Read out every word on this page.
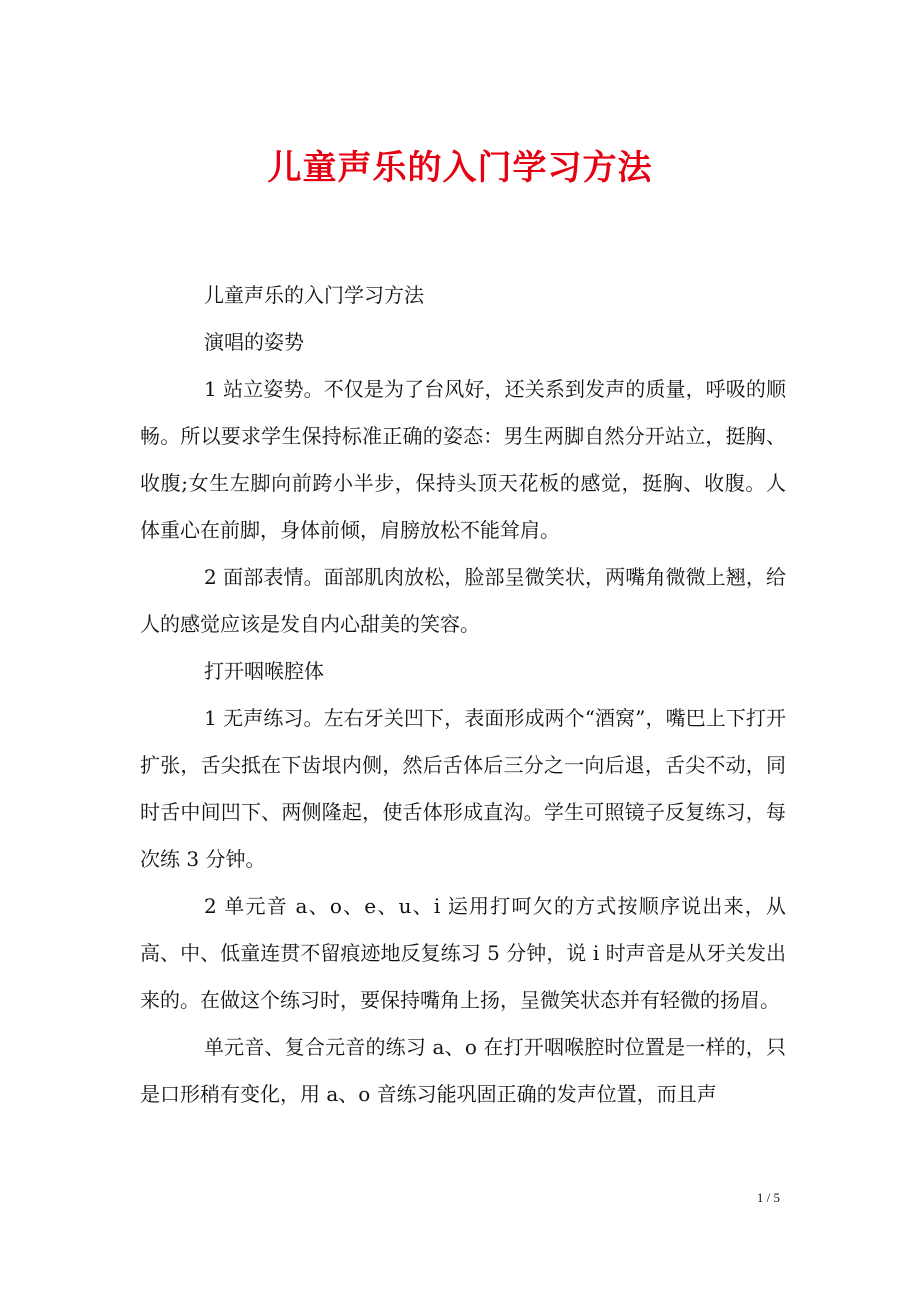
儿童声乐的入门学习方法

儿童声乐的入门学习方法

演唱的姿势

1 站立姿势。不仅是为了台风好，还关系到发声的质量，呼吸的顺畅。所以要求学生保持标准正确的姿态：男生两脚自然分开站立，挺胸、收腹;女生左脚向前跨小半步，保持头顶天花板的感觉，挺胸、收腹。人体重心在前脚，身体前倾，肩膀放松不能耸肩。

2 面部表情。面部肌肉放松，脸部呈微笑状，两嘴角微微上翘，给人的感觉应该是发自内心甜美的笑容。

打开咽喉腔体

1 无声练习。左右牙关凹下，表面形成两个“酒窝”，嘴巴上下打开扩张，舌尖抵在下齿垠内侧，然后舌体后三分之一向后退，舌尖不动，同时舌中间凹下、两侧隆起，使舌体形成直沟。学生可照镜子反复练习，每次练 3 分钟。

2 单元音 a、o、e、u、i 运用打呵欠的方式按顺序说出来，从高、中、低童连贯不留痕迹地反复练习 5 分钟，说 i 时声音是从牙关发出来的。在做这个练习时，要保持嘴角上扬，呈微笑状态并有轻微的扬眉。

单元音、复合元音的练习 a、o 在打开咽喉腔时位置是一样的，只是口形稍有变化，用 a、o 音练习能巩固正确的发声位置，而且声

1 / 5
